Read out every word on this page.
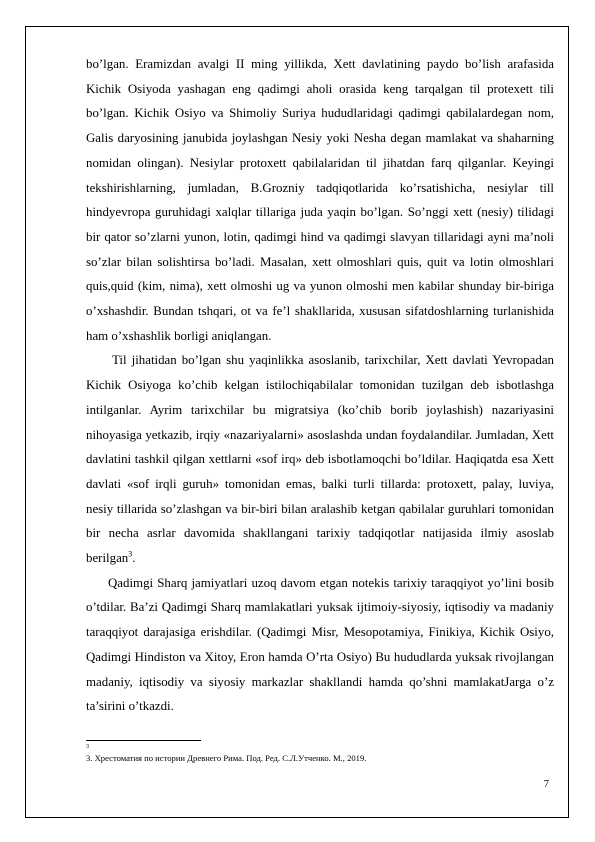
bo’lgan. Eramizdan avalgi II ming yillikda, Xett davlatining paydo bo’lish arafasida Kichik Osiyoda yashagan eng qadimgi aholi orasida keng tarqalgan til protexett tili bo’lgan. Kichik Osiyo va Shimoliy Suriya hududlaridagi qadimgi qabilalardegan nom, Galis daryosining janubida joylashgan Nesiy yoki Nesha degan mamlakat va shaharning nomidan olingan). Nesiylar protoxett qabilalaridan til jihatdan farq qilganlar. Keyingi tekshirishlarning, jumladan, B.Grozniy tadqiqotlarida ko’rsatishicha, nesiylar till hindyevropa guruhidagi xalqlar tillariga juda yaqin bo’lgan. So’nggi xett (nesiy) tilidagi bir qator so’zlarni yunon, lotin, qadimgi hind va qadimgi slavyan tillaridagi ayni ma’noli so’zlar bilan solishtirsa bo’ladi. Masalan, xett olmoshlari quis, quit va lotin olmoshlari quis,quid (kim, nima), xett olmoshi ug va yunon olmoshi men kabilar shunday bir-biriga o’xshashdir. Bundan tshqari, ot va fe’l shakllarida, xususan sifatdoshlarning turlanishida ham o’xshashlik borligi aniqlangan.

Til jihatidan bo’lgan shu yaqinlikka asoslanib, tarixchilar, Xett davlati Yevropadan Kichik Osiyoga ko’chib kelgan istilochiqabilalar tomonidan tuzilgan deb isbotlashga intilganlar. Ayrim tarixchilar bu migratsiya (ko’chib borib joylashish) nazariyasini nihoyasiga yetkazib, irqiy «nazariyalarni» asoslashda undan foydalandilar. Jumladan, Xett davlatini tashkil qilgan xettlarni «sof irq» deb isbotlamoqchi bo’ldilar. Haqiqatda esa Xett davlati «sof irqli guruh» tomonidan emas, balki turli tillarda: protoxett, palay, luviya, nesiy tillarida so’zlashgan va bir-biri bilan aralashib ketgan qabilalar guruhlari tomonidan bir necha asrlar davomida shakllangani tarixiy tadqiqotlar natijasida ilmiy asoslab berilgan$^3$.

Qadimgi Sharq jamiyatlari uzoq davom etgan notekis tarixiy taraqqiyot yo’lini bosib o’tdilar. Ba’zi Qadimgi Sharq mamlakatlari yuksak ijtimoiy-siyosiy, iqtisodiy va madaniy taraqqiyot darajasiga erishdilar. (Qadimgi Misr, Mesopotamiya, Finikiya, Kichik Osiyo, Qadimgi Hindiston va Xitoy, Eron hamda O’rta Osiyo) Bu hududlarda yuksak rivojlangan madaniy, iqtisodiy va siyosiy markazlar shakllandi hamda qo’shni mamlakatJarga o’z ta’sirini o’tkazdi.

3
3. Хрестоматия по истории Древнего Рима. Под. Ред. С.Л.Утченко. М., 2019.
7
